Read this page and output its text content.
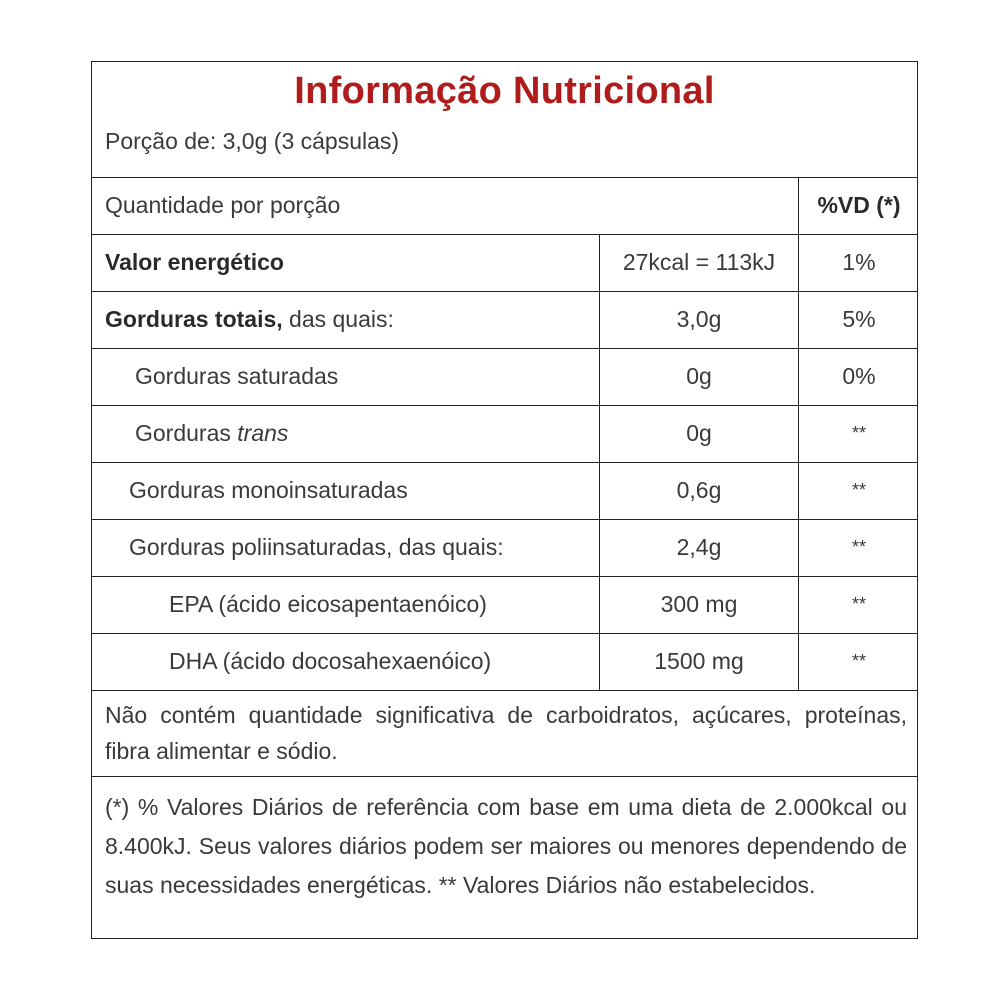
Informação Nutricional
Porção de: 3,0g (3 cápsulas)
Quantidade por porção	%VD (*)
Valor energético	27kcal = 113kJ	1%
Gorduras totais, das quais:	3,0g	5%
Gorduras saturadas	0g	0%
Gorduras trans	0g	**
Gorduras monoinsaturadas	0,6g	**
Gorduras poliinsaturadas, das quais:	2,4g	**
EPA (ácido eicosapentaenóico)	300 mg	**
DHA (ácido docosahexaenóico)	1500 mg	**
Não contém quantidade significativa de carboidratos, açúcares, proteínas, fibra alimentar e sódio.
(*) % Valores Diários de referência com base em uma dieta de 2.000kcal ou 8.400kJ. Seus valores diários podem ser maiores ou menores dependendo de suas necessidades energéticas. ** Valores Diários não estabelecidos.
